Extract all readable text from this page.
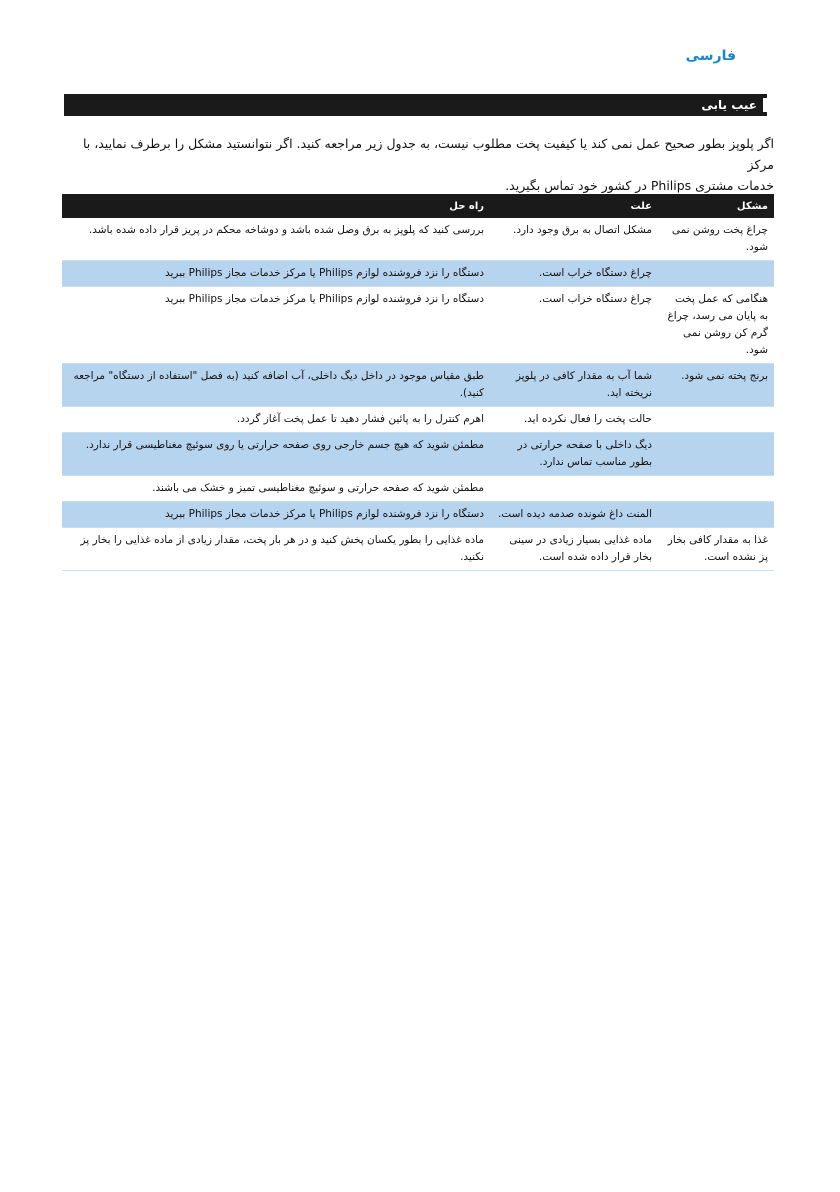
فارسی
عیب یابی
اگر پلوپز بطور صحیح عمل نمی کند یا کیفیت پخت مطلوب نیست، به جدول زیر مراجعه کنید. اگر نتوانستید مشکل را برطرف نمایید، با مرکز
خدمات مشتری Philips در کشور خود تماس بگیرید.
مشکل	علت	راه حل
چراغ پخت روشن نمی شود.	مشکل اتصال به برق وجود دارد.	بررسی کنید که پلوپز به برق وصل شده باشد و دوشاخه محکم در پریز قرار داده شده باشد.
	چراغ دستگاه خراب است.	دستگاه را نزد فروشنده لوازم Philips یا مرکز خدمات مجاز Philips ببرید
هنگامی که عمل پخت به پایان می رسد، چراغ گرم کن روشن نمی شود.	چراغ دستگاه خراب است.	دستگاه را نزد فروشنده لوازم Philips یا مرکز خدمات مجاز Philips ببرید
برنج پخته نمی شود.	شما آب به مقدار کافی در پلوپز نریخته اید.	طبق مقیاس موجود در داخل دیگ داخلی، آب اضافه کنید (به فصل "استفاده از دستگاه" مراجعه کنید).
	حالت پخت را فعال نکرده اید.	اهرم کنترل را به پائین فشار دهید تا عمل پخت آغاز گردد.
	دیگ داخلی با صفحه حرارتی در بطور مناسب تماس ندارد.	مطمئن شوید که هیچ جسم خارجی روی صفحه حرارتی یا روی سوئیچ مغناطیسی قرار ندارد.
		مطمئن شوید که صفحه حرارتی و سوئیچ مغناطیسی تمیز و خشک می باشند.
	المنت داغ شونده صدمه دیده است.	دستگاه را نزد فروشنده لوازم Philips یا مرکز خدمات مجاز Philips ببرید
غذا به مقدار کافی بخار پز نشده است.	ماده غذایی بسیار زیادی در سینی بخار قرار داده شده است.	ماده غذایی را بطور یکسان پخش کنید و در هر بار پخت، مقدار زیادی از ماده غذایی را بخار پز نکنید.
